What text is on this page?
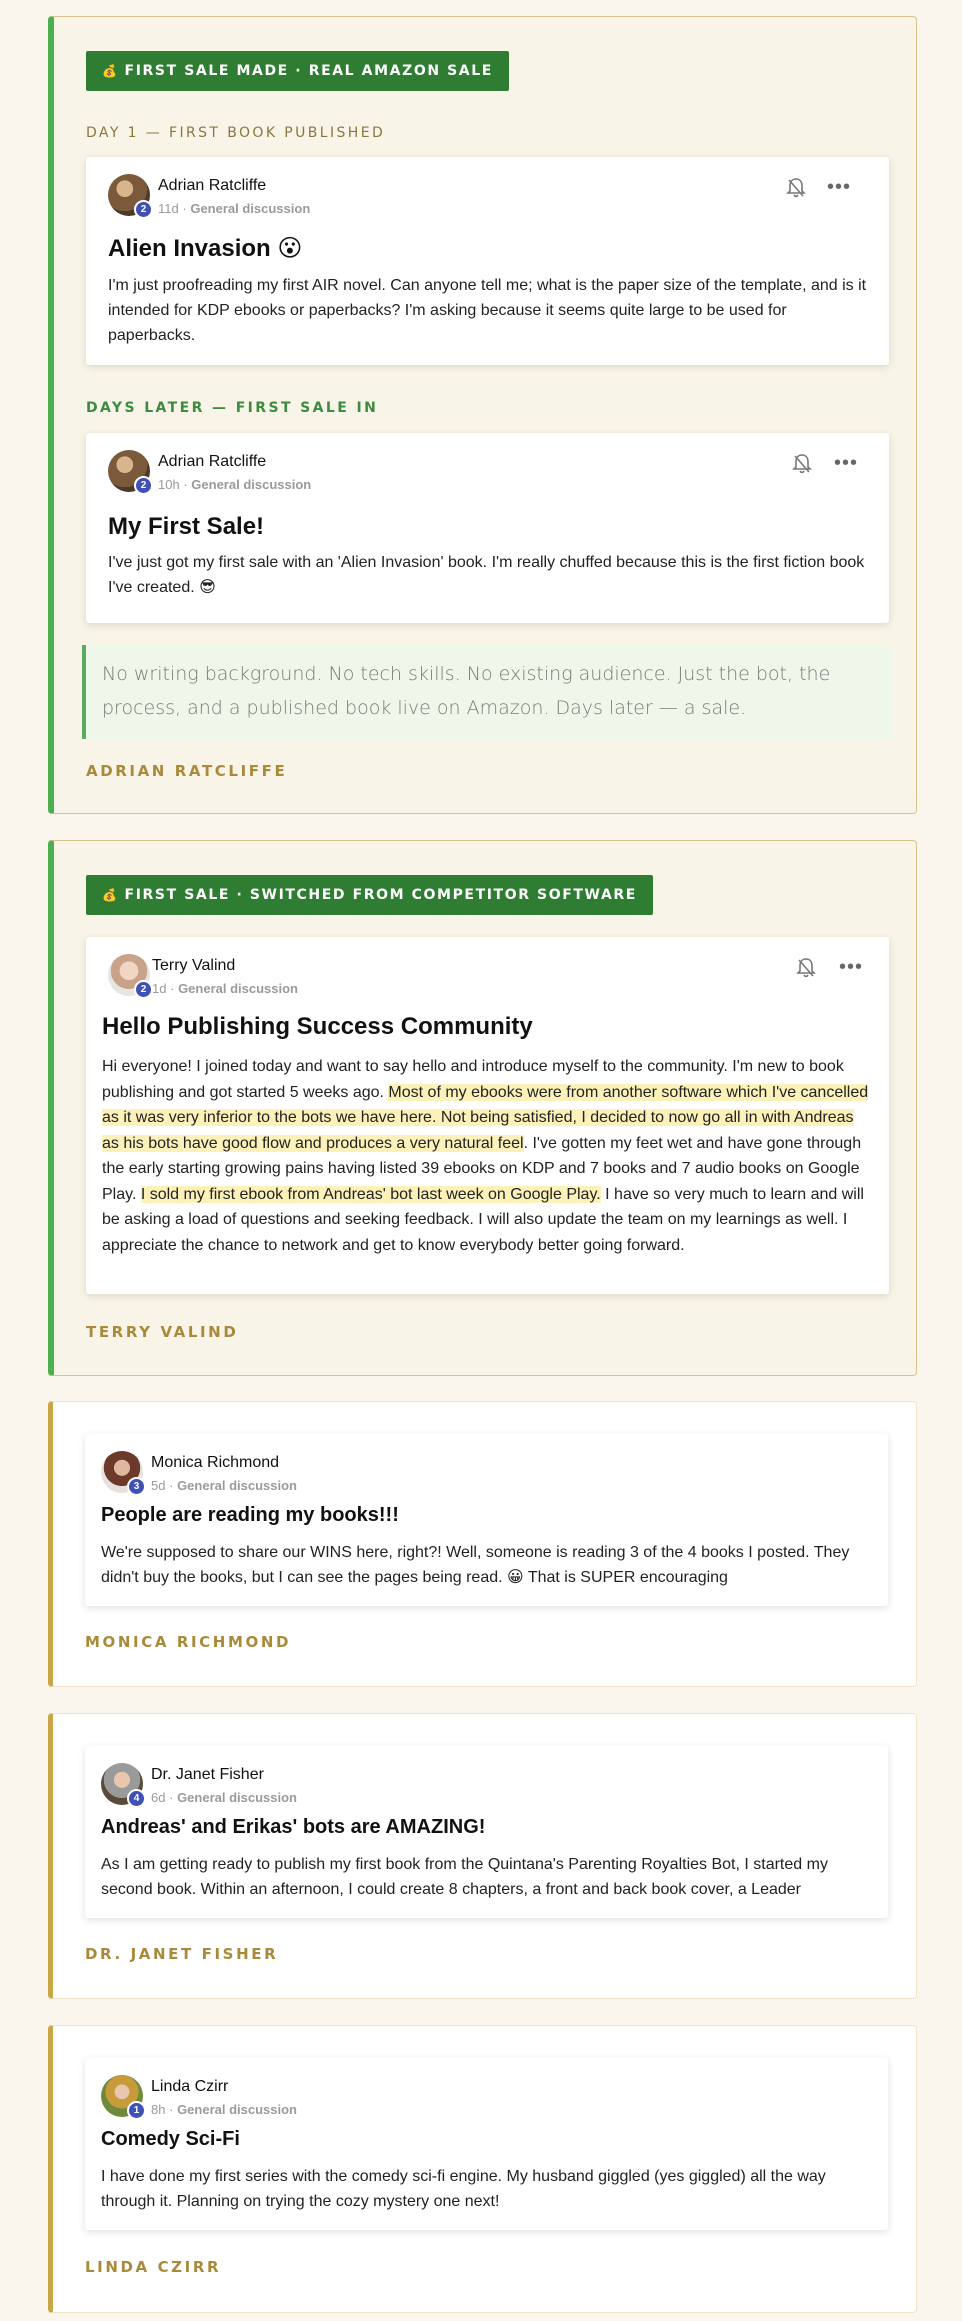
💰 FIRST SALE MADE · REAL AMAZON SALE
DAY 1 — FIRST BOOK PUBLISHED
2
Adrian Ratcliffe
11d · General discussion
•••
Alien Invasion 😮
I'm just proofreading my first AIR novel. Can anyone tell me; what is the paper size of the template, and is it intended for KDP ebooks or paperbacks? I'm asking because it seems quite large to be used for paperbacks.
DAYS LATER — FIRST SALE IN
2
Adrian Ratcliffe
10h · General discussion
•••
My First Sale!
I've just got my first sale with an 'Alien Invasion' book. I'm really chuffed because this is the first fiction book I've created. 😎
No writing background. No tech skills. No existing audience. Just the bot, the process, and a published book live on Amazon. Days later — a sale.
ADRIAN RATCLIFFE
💰 FIRST SALE · SWITCHED FROM COMPETITOR SOFTWARE
2
Terry Valind
1d · General discussion
•••
Hello Publishing Success Community
Hi everyone! I joined today and want to say hello and introduce myself to the community. I'm new to book publishing and got started 5 weeks ago. Most of my ebooks were from another software which I've cancelled as it was very inferior to the bots we have here. Not being satisfied, I decided to now go all in with Andreas as his bots have good flow and produces a very natural feel. I've gotten my feet wet and have gone through the early starting growing pains having listed 39 ebooks on KDP and 7 books and 7 audio books on Google Play. I sold my first ebook from Andreas' bot last week on Google Play. I have so very much to learn and will be asking a load of questions and seeking feedback. I will also update the team on my learnings as well. I appreciate the chance to network and get to know everybody better going forward.
TERRY VALIND
3
Monica Richmond
5d · General discussion
People are reading my books!!!
We're supposed to share our WINS here, right?! Well, someone is reading 3 of the 4 books I posted. They didn't buy the books, but I can see the pages being read. 😀 That is SUPER encouraging
MONICA RICHMOND
4
Dr. Janet Fisher
6d · General discussion
Andreas' and Erikas' bots are AMAZING!
As I am getting ready to publish my first book from the Quintana's Parenting Royalties Bot, I started my second book. Within an afternoon, I could create 8 chapters, a front and back book cover, a Leader
DR. JANET FISHER
1
Linda Czirr
8h · General discussion
Comedy Sci-Fi
I have done my first series with the comedy sci-fi engine. My husband giggled (yes giggled) all the way through it. Planning on trying the cozy mystery one next!
LINDA CZIRR
